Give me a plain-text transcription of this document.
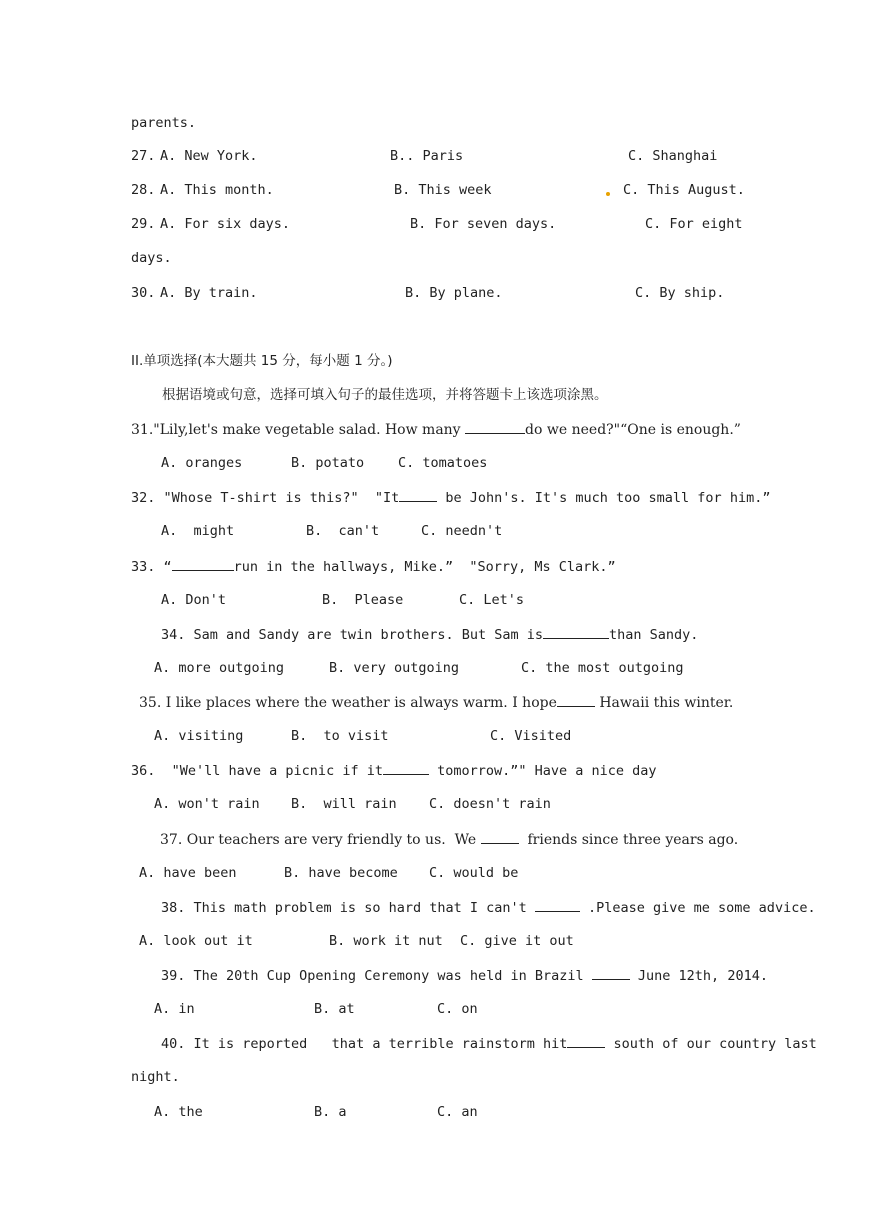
parents.
27. A. New York.	B.. Paris	C. Shanghai
28. A. This month.	B. This week	C. This August.
29. A. For six days.	B. For seven days.	C. For eight
days.
30. A. By train.	B. By plane.	C. By ship.
II.单项选择(本大题共 15 分，每小题 1 分。)
根据语境或句意，选择可填入句子的最佳选项，并将答题卡上该选项涂黑。
31."Lily,let's make vegetable salad. How many	do we need?"“One is enough.”
A. oranges	B. potato	C. tomatoes
32. "Whose T-shirt is this?"  "It	be John's. It's much too small for him.”
A.  might	B.  can't	C. needn't
33. “	run in the hallways, Mike.”  "Sorry, Ms Clark.”
A. Don't	B.  Please	C. Let's
34. Sam and Sandy are twin brothers. But Sam is	than Sandy.
A. more outgoing	B. very outgoing	C. the most outgoing
35. I like places where the weather is always warm. I hope	Hawaii this winter.
A. visiting	B.  to visit	C. Visited
36.  "We'll have a picnic if it	tomorrow.”" Have a nice day
A. won't rain B.  will rain C. doesn't rain
37. Our teachers are very friendly to us.  We	friends since three years ago.
A. have been	B. have become C. would be
38. This math problem is so hard that I can't	.Please give me some advice.
A. look out it	B. work it nut C. give it out
39. The 20th Cup Opening Ceremony was held in Brazil	June 12th, 2014.
A. in	B. at	C. on
40. It is reported   that a terrible rainstorm hit	south of our country last
night.
A. the	B. a	C. an
